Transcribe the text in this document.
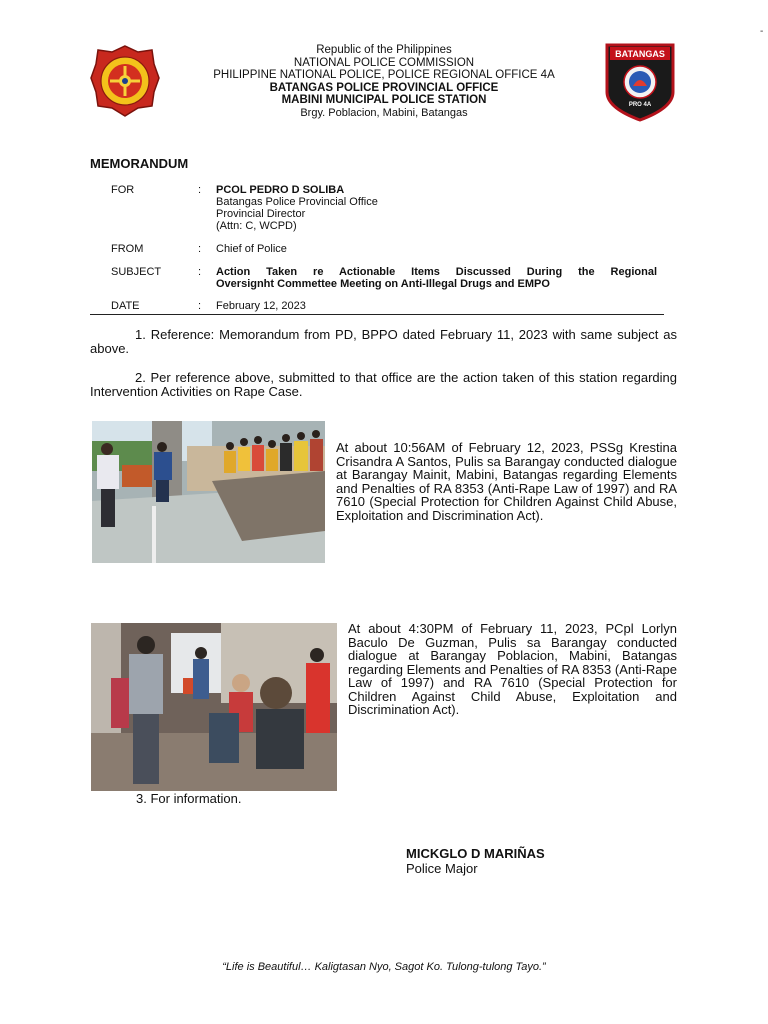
BATANGAS
PRO 4A
Republic of the Philippines
NATIONAL POLICE COMMISSION
PHILIPPINE NATIONAL POLICE, POLICE REGIONAL OFFICE 4A
BATANGAS POLICE PROVINCIAL OFFICE
MABINI MUNICIPAL POLICE STATION
Brgy. Poblacion, Mabini, Batangas
-
MEMORANDUM
FOR	: PCOL PEDRO D SOLIBA
Batangas Police Provincial Office
Provincial Director
(Attn: C, WCPD)
FROM	: Chief of Police
SUBJECT	: Action Taken re Actionable Items Discussed During the Regional
Oversignht Commettee Meeting on Anti-Illegal Drugs and EMPO
DATE	: February 12, 2023
1. Reference: Memorandum from PD, BPPO dated February 11, 2023 with same subject as above.
2. Per reference above, submitted to that office are the action taken of this station regarding Intervention Activities on Rape Case.
At about 10:56AM of February 12, 2023, PSSg Krestina Crisandra A Santos, Pulis sa Barangay conducted dialogue at Barangay Mainit, Mabini, Batangas regarding Elements and Penalties of RA 8353 (Anti-Rape Law of 1997) and RA 7610 (Special Protection for Children Against Child Abuse, Exploitation and Discrimination Act).
At about 4:30PM of February 11, 2023, PCpl Lorlyn Baculo De Guzman, Pulis sa Barangay conducted dialogue at Barangay Poblacion, Mabini, Batangas regarding Elements and Penalties of RA 8353 (Anti-Rape Law of 1997) and RA 7610 (Special Protection for Children Against Child Abuse, Exploitation and Discrimination Act).
3. For information.
MICKGLO D MARIÑAS
Police Major
“Life is Beautiful… Kaligtasan Nyo, Sagot Ko. Tulong-tulong Tayo.”
